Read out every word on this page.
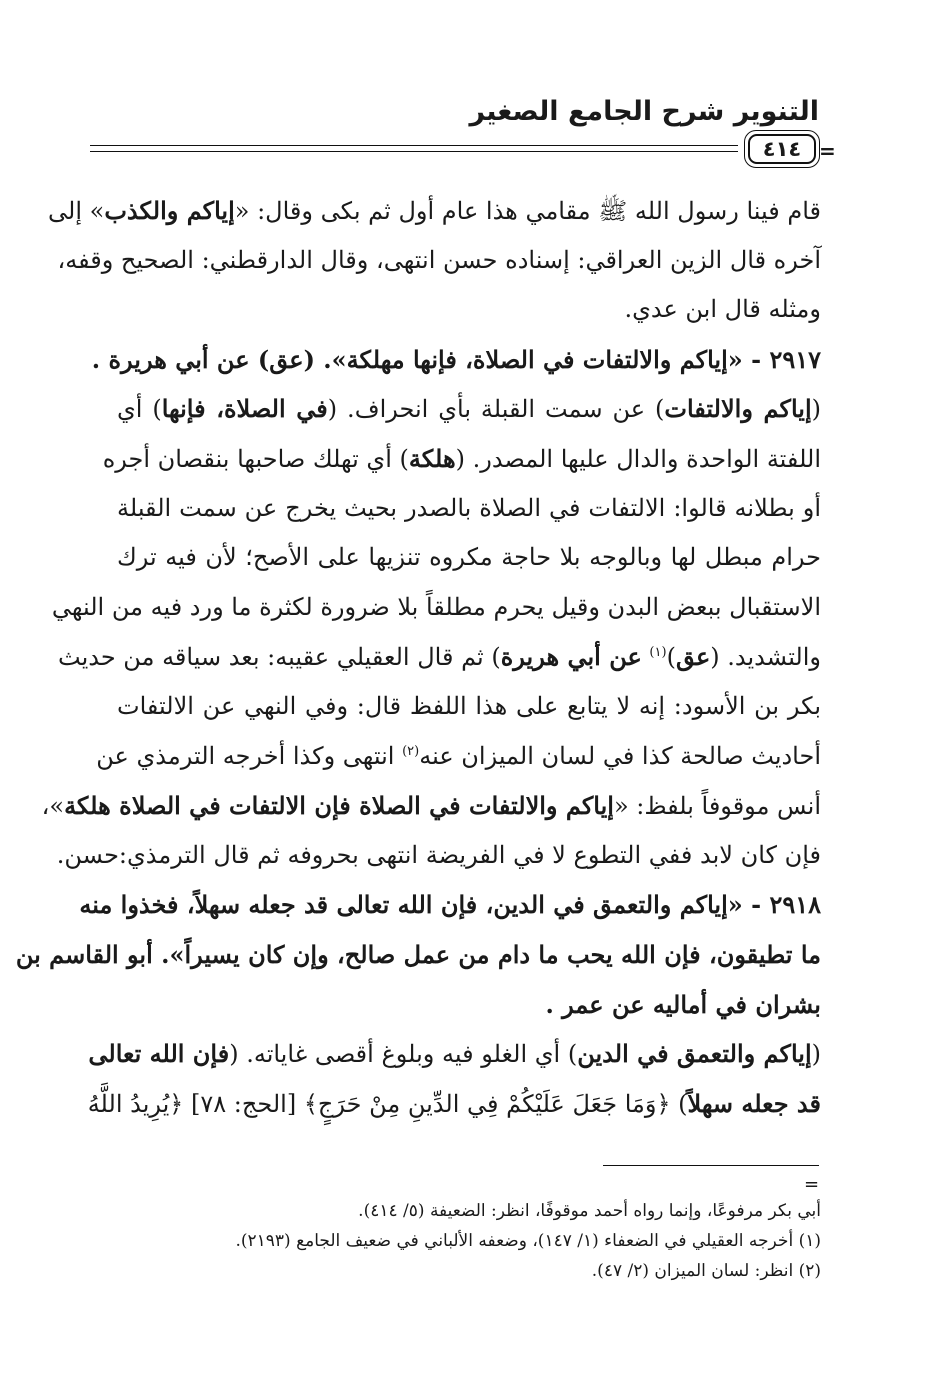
التنوير شرح الجامع الصغير
=
٤١٤
قام فينا رسول الله ﷺ مقامي هذا عام أول ثم بكى وقال: «إياكم والكذب» إلى
آخره قال الزين العراقي: إسناده حسن انتهى، وقال الدارقطني: الصحيح وقفه،
ومثله قال ابن عدي.
٢٩١٧ - «إياكم والالتفات في الصلاة، فإنها مهلكة». (عق) عن أبي هريرة .
(إياكم والالتفات) عن سمت القبلة بأي انحراف. (في الصلاة، فإنها) أي
اللفتة الواحدة والدال عليها المصدر. (هلكة) أي تهلك صاحبها بنقصان أجره
أو بطلانه قالوا: الالتفات في الصلاة بالصدر بحيث يخرج عن سمت القبلة
حرام مبطل لها وبالوجه بلا حاجة مكروه تنزيها على الأصح؛ لأن فيه ترك
الاستقبال ببعض البدن وقيل يحرم مطلقاً بلا ضرورة لكثرة ما ورد فيه من النهي
والتشديد. (عق)$^{(١)}$ عن أبي هريرة) ثم قال العقيلي عقيبه: بعد سياقه من حديث
بكر بن الأسود: إنه لا يتابع على هذا اللفظ قال: وفي النهي عن الالتفات
أحاديث صالحة كذا في لسان الميزان عنه$^{(٢)}$ انتهى وكذا أخرجه الترمذي عن
أنس موقوفاً بلفظ: «إياكم والالتفات في الصلاة فإن الالتفات في الصلاة هلكة»،
فإن كان لابد ففي التطوع لا في الفريضة انتهى بحروفه ثم قال الترمذي:حسن.
٢٩١٨ - «إياكم والتعمق في الدين، فإن الله تعالى قد جعله سهلاً، فخذوا منه
ما تطيقون، فإن الله يحب ما دام من عمل صالح، وإن كان يسيراً». أبو القاسم بن
بشران في أماليه عن عمر .
(إياكم والتعمق في الدين) أي الغلو فيه وبلوغ أقصى غاياته. (فإن الله تعالى
قد جعله سهلاً) ﴿وَمَا جَعَلَ عَلَيْكُمْ فِي الدِّينِ مِنْ حَرَجٍ﴾ [الحج: ٧٨] ﴿يُرِيدُ اللَّهُ
=
أبي بكر مرفوعًا، وإنما رواه أحمد موقوفًا، انظر: الضعيفة (٥/ ٤١٤).
(١) أخرجه العقيلي في الضعفاء (١/ ١٤٧)، وضعفه الألباني في ضعيف الجامع (٢١٩٣).
(٢) انظر: لسان الميزان (٢/ ٤٧).
